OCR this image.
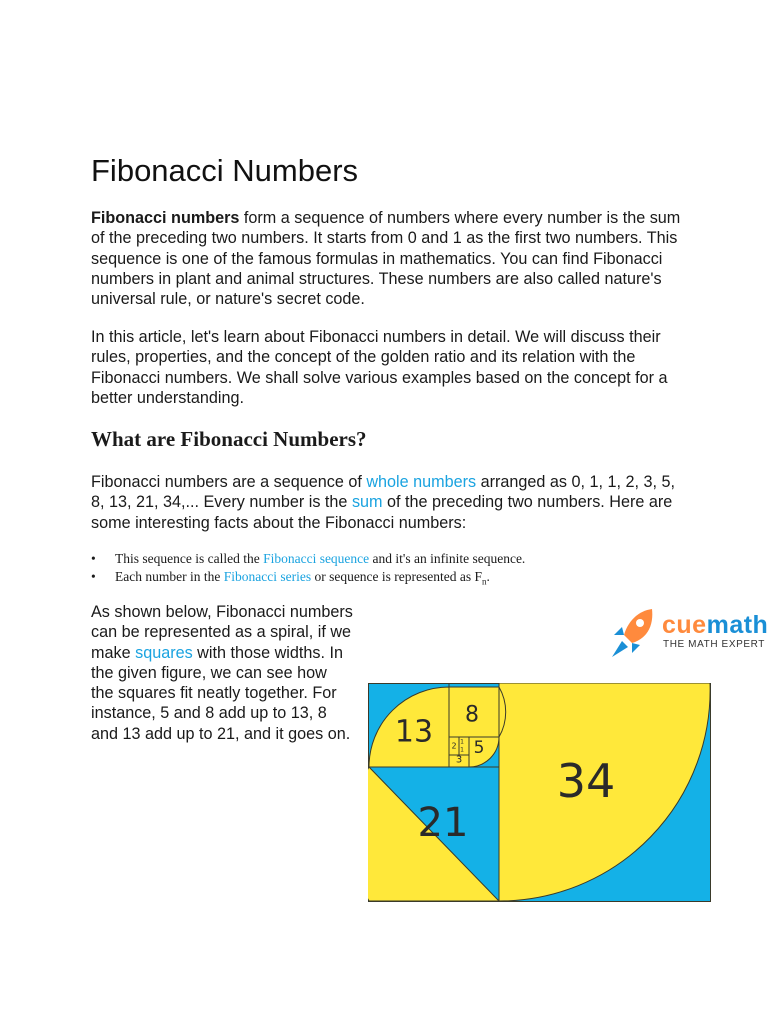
Fibonacci Numbers

Fibonacci numbers form a sequence of numbers where every number is the sum of the preceding two numbers. It starts from 0 and 1 as the first two numbers. This sequence is one of the famous formulas in mathematics. You can find Fibonacci numbers in plant and animal structures. These numbers are also called nature's universal rule, or nature's secret code.

In this article, let's learn about Fibonacci numbers in detail. We will discuss their rules, properties, and the concept of the golden ratio and its relation with the Fibonacci numbers. We shall solve various examples based on the concept for a better understanding.

What are Fibonacci Numbers?

Fibonacci numbers are a sequence of whole numbers arranged as 0, 1, 1, 2, 3, 5, 8, 13, 21, 34,... Every number is the sum of the preceding two numbers. Here are some interesting facts about the Fibonacci numbers:

• This sequence is called the Fibonacci sequence and it's an infinite sequence.
• Each number in the Fibonacci series or sequence is represented as $F_n$.

As shown below, Fibonacci numbers can be represented as a spiral, if we make squares with those widths. In the given figure, we can see how the squares fit neatly together. For instance, 5 and 8 add up to 13, 8 and 13 add up to 21, and it goes on.

cuemath
THE MATH EXPERT
34
21
13 8
5
3
2 1
1
